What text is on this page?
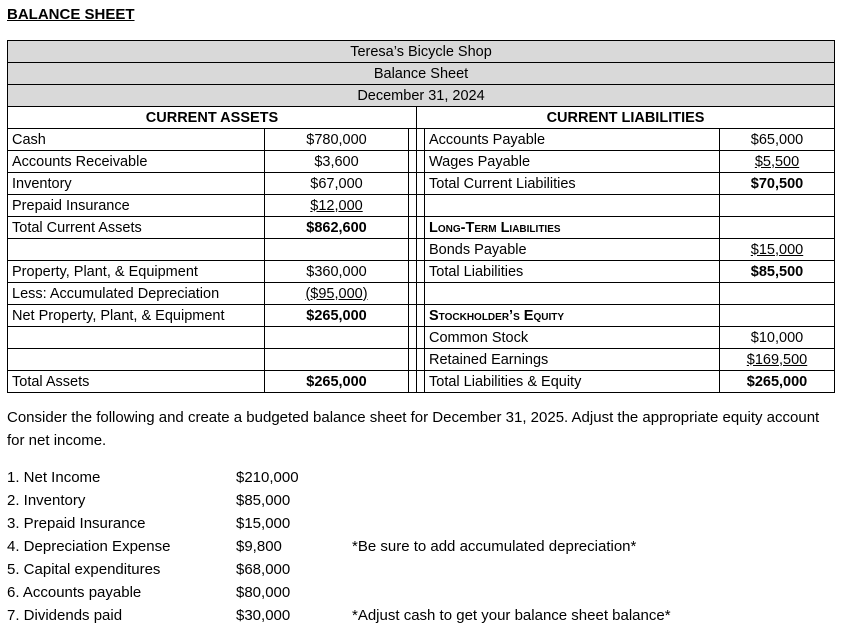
BALANCE SHEET
Teresa’s Bicycle Shop					
Balance Sheet					
December 31, 2024					
CURRENT ASSETS			CURRENT LIABILITIES		
Cash	$780,000			Accounts Payable	$65,000
Accounts Receivable	$3,600			Wages Payable	$5,500
Inventory	$67,000			Total Current Liabilities	$70,500
Prepaid Insurance	$12,000				
Total Current Assets	$862,600			Long-Term Liabilities	
				Bonds Payable	$15,000
Property, Plant, & Equipment	$360,000			Total Liabilities	$85,500
Less: Accumulated Depreciation	($95,000)				
Net Property, Plant, & Equipment	$265,000			Stockholder’s Equity	
				Common Stock	$10,000
				Retained Earnings	$169,500
Total Assets	$265,000			Total Liabilities & Equity	$265,000
Consider the following and create a budgeted balance sheet for December 31, 2025. Adjust the appropriate equity account for net income.
1. Net Income	$210,000
2. Inventory	$85,000
3. Prepaid Insurance	$15,000
4. Depreciation Expense	$9,800	*Be sure to add accumulated depreciation*
5. Capital expenditures	$68,000
6. Accounts payable	$80,000
7. Dividends paid	$30,000	*Adjust cash to get your balance sheet balance*
